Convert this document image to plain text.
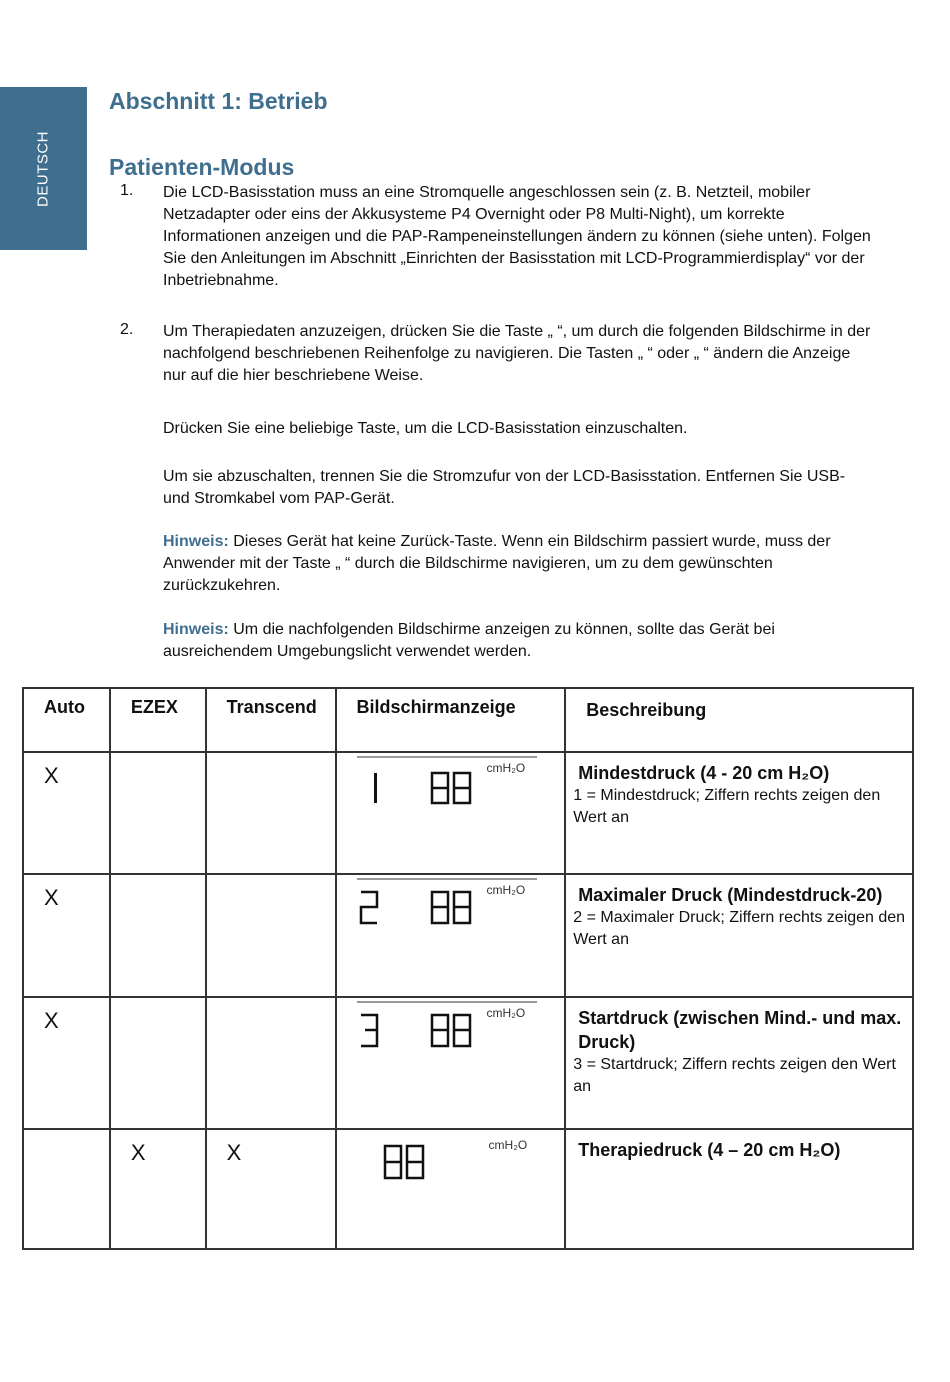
DEUTSCH
Abschnitt 1: Betrieb
Patienten-Modus
1. Die LCD-Basisstation muss an eine Stromquelle angeschlossen sein (z. B. Netzteil, mobiler Netzadapter oder eins der Akkusysteme P4 Overnight oder P8 Multi-Night), um korrekte Informationen anzeigen und die PAP-Rampeneinstellungen ändern zu können (siehe unten). Folgen Sie den Anleitungen im Abschnitt „Einrichten der Basisstation mit LCD-Programmierdisplay“ vor der Inbetriebnahme.
2. Um Therapiedaten anzuzeigen, drücken Sie die Taste „ “, um durch die folgenden Bildschirme in der nachfolgend beschriebenen Reihenfolge zu navigieren. Die Tasten „ “ oder „ “ ändern die Anzeige nur auf die hier beschriebene Weise.
Drücken Sie eine beliebige Taste, um die LCD-Basisstation einzuschalten.
Um sie abzuschalten, trennen Sie die Stromzufur von der LCD-Basisstation. Entfernen Sie USB- und Stromkabel vom PAP-Gerät.
Hinweis: Dieses Gerät hat keine Zurück-Taste. Wenn ein Bildschirm passiert wurde, muss der Anwender mit der Taste „ “ durch die Bildschirme navigieren, um zu dem gewünschten zurückzukehren.
Hinweis: Um die nachfolgenden Bildschirme anzeigen zu können, sollte das Gerät bei ausreichendem Umgebungslicht verwendet werden.
Auto	EZEX	Transcend	Bildschirmanzeige	Beschreibung

X			cmH₂O	Mindestdruck (4 - 20 cm H₂O)
1 = Mindestdruck; Ziffern rechts zeigen den Wert an

X			cmH₂O	Maximaler Druck (Mindestdruck-20)
2 = Maximaler Druck; Ziffern rechts zeigen den Wert an

X			cmH₂O	Startdruck (zwischen Mind.- und max. Druck)
3 = Startdruck; Ziffern rechts zeigen den Wert an

	X	X	cmH₂O	Therapiedruck (4 – 20 cm H₂O)
